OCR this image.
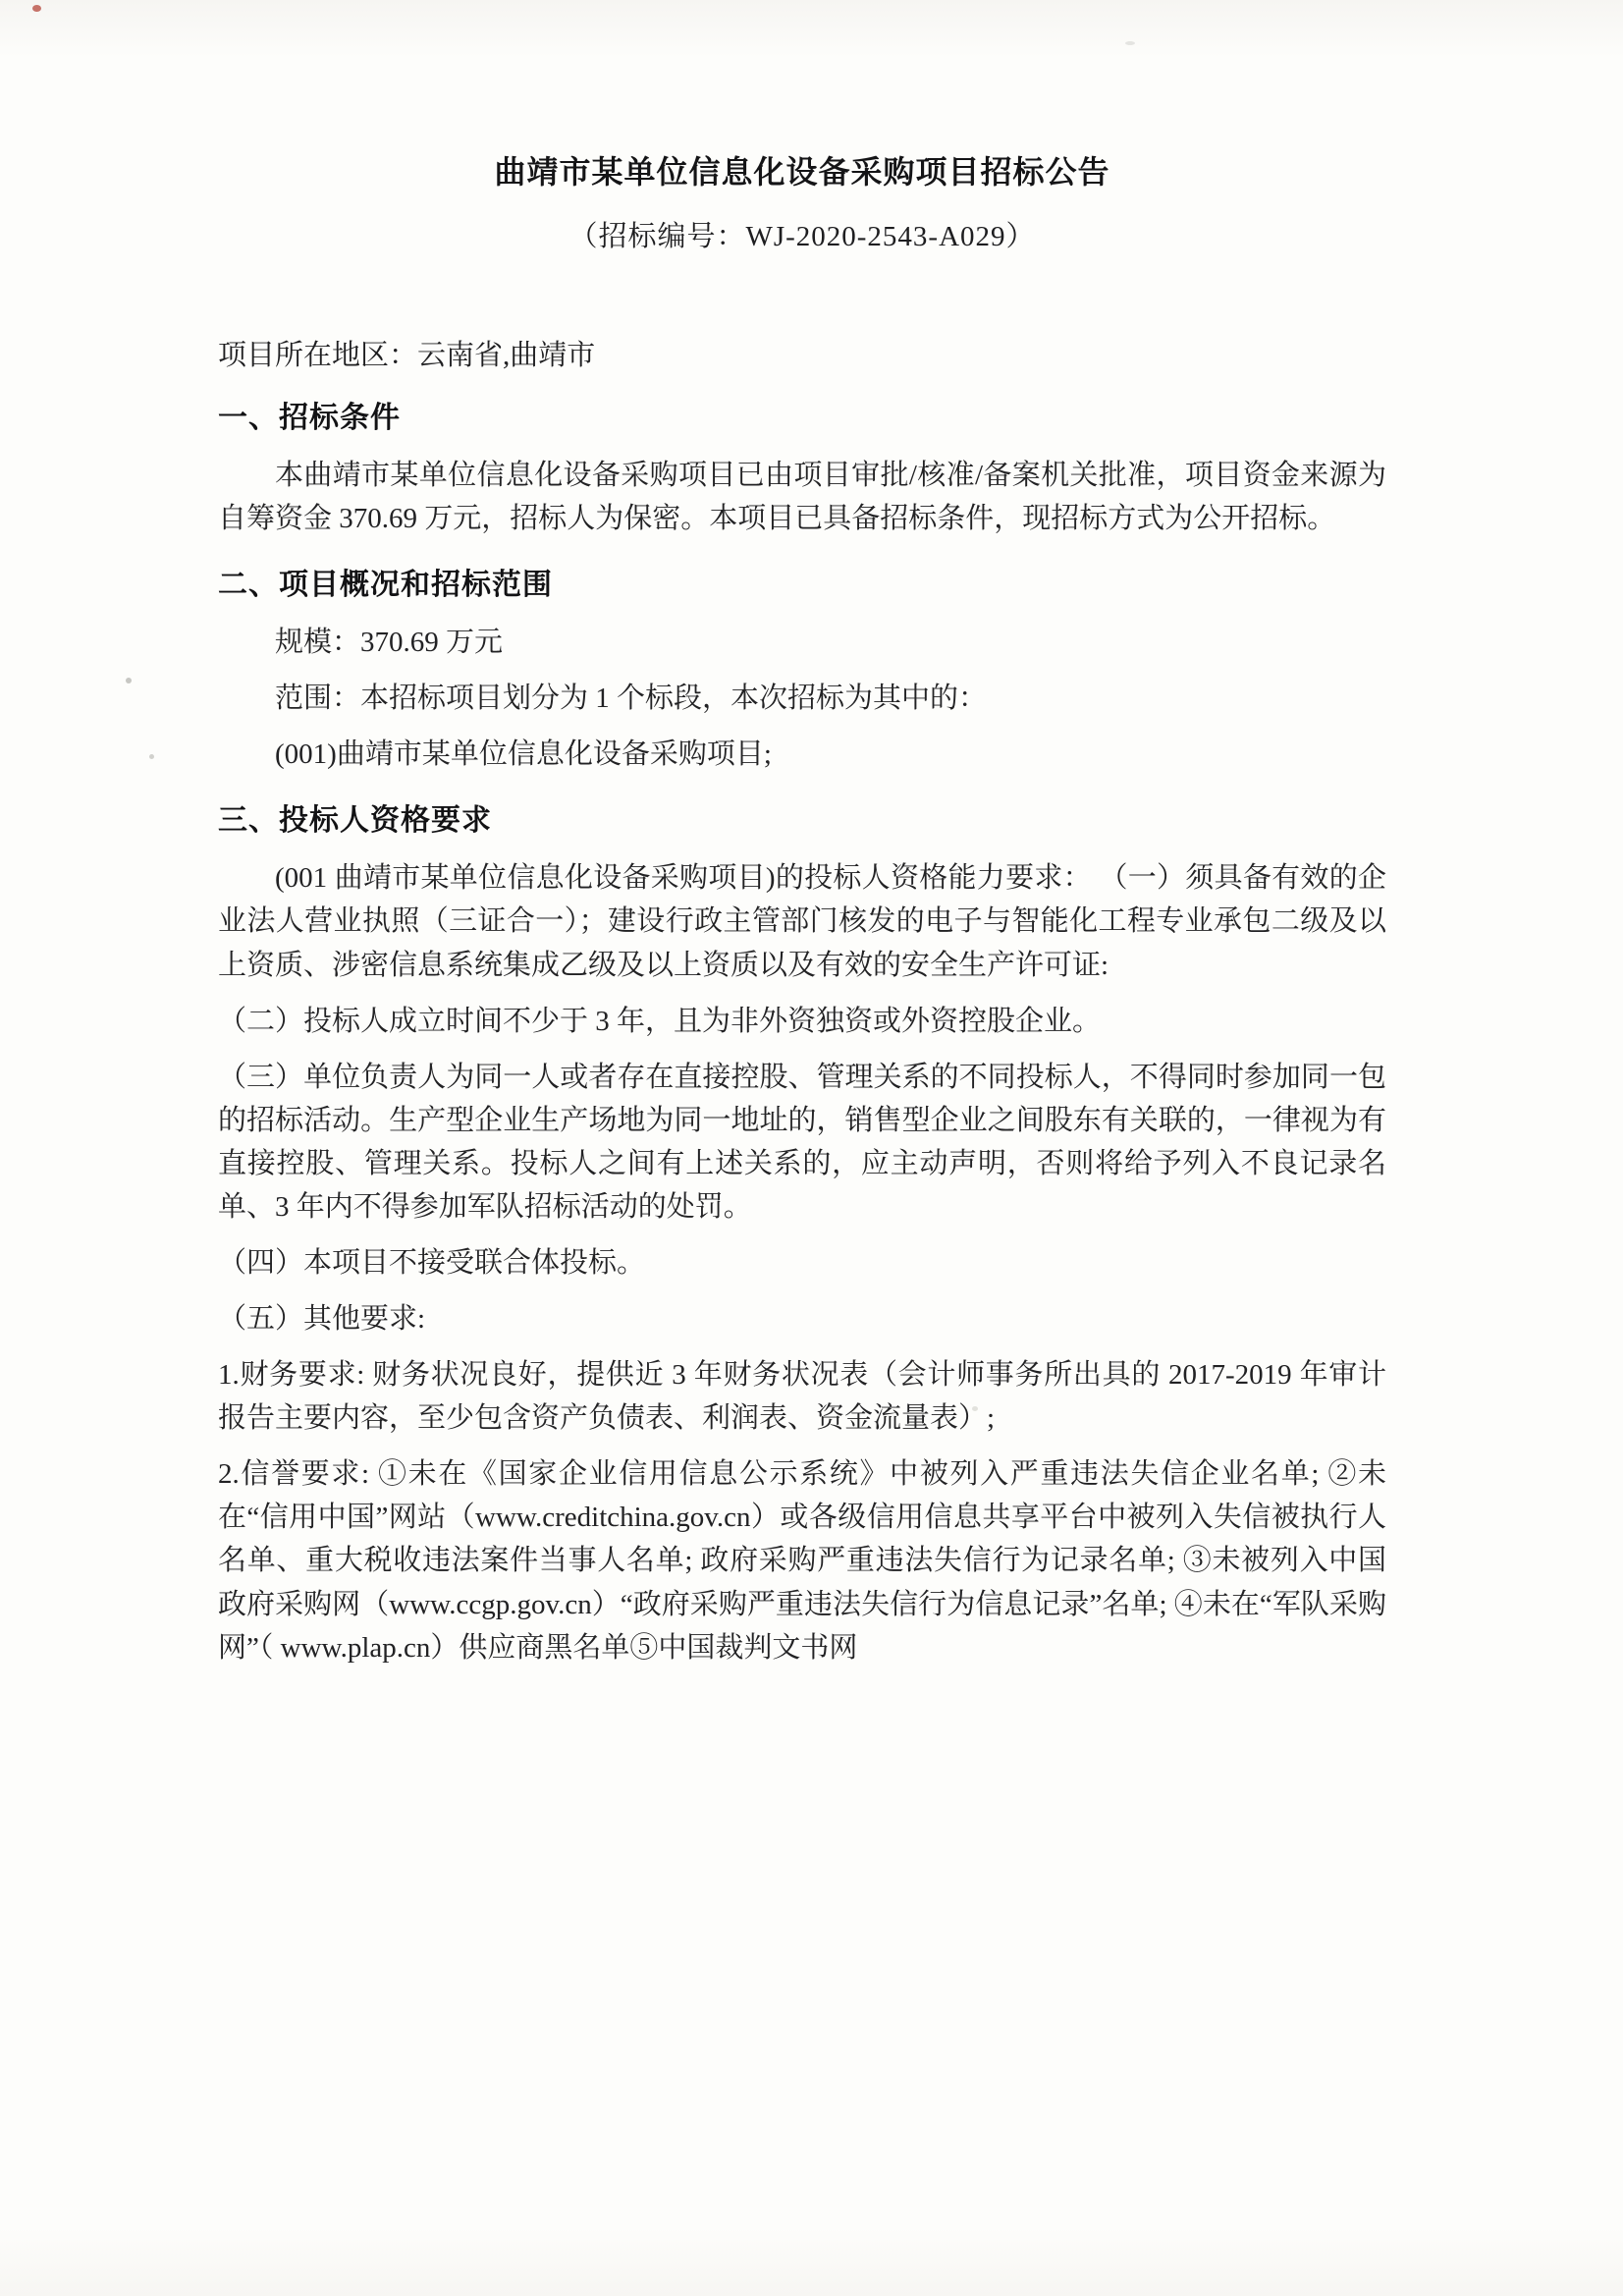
曲靖市某单位信息化设备采购项目招标公告
（招标编号：WJ-2020-2543-A029）

项目所在地区：云南省,曲靖市

一、招标条件

本曲靖市某单位信息化设备采购项目已由项目审批/核准/备案机关批准，项目资金来源为自筹资金 370.69 万元，招标人为保密。本项目已具备招标条件，现招标方式为公开招标。

二、项目概况和招标范围

规模：370.69 万元

范围：本招标项目划分为 1 个标段，本次招标为其中的：

(001)曲靖市某单位信息化设备采购项目;

三、投标人资格要求

(001 曲靖市某单位信息化设备采购项目)的投标人资格能力要求： （一）须具备有效的企业法人营业执照（三证合一）；建设行政主管部门核发的电子与智能化工程专业承包二级及以上资质、涉密信息系统集成乙级及以上资质以及有效的安全生产许可证:

（二）投标人成立时间不少于 3 年，且为非外资独资或外资控股企业。

（三）单位负责人为同一人或者存在直接控股、管理关系的不同投标人，不得同时参加同一包的招标活动。生产型企业生产场地为同一地址的，销售型企业之间股东有关联的，一律视为有直接控股、管理关系。投标人之间有上述关系的，应主动声明，否则将给予列入不良记录名单、3 年内不得参加军队招标活动的处罚。

（四）本项目不接受联合体投标。

（五）其他要求:

1.财务要求: 财务状况良好，提供近 3 年财务状况表（会计师事务所出具的 2017-2019 年审计报告主要内容，至少包含资产负债表、利润表、资金流量表）;

2.信誉要求: ①未在《国家企业信用信息公示系统》中被列入严重违法失信企业名单; ②未在“信用中国”网站（www.creditchina.gov.cn）或各级信用信息共享平台中被列入失信被执行人名单、重大税收违法案件当事人名单; 政府采购严重违法失信行为记录名单; ③未被列入中国政府采购网（www.ccgp.gov.cn）“政府采购严重违法失信行为信息记录”名单; ④未在“军队采购网”（ www.plap.cn）供应商黑名单⑤中国裁判文书网
